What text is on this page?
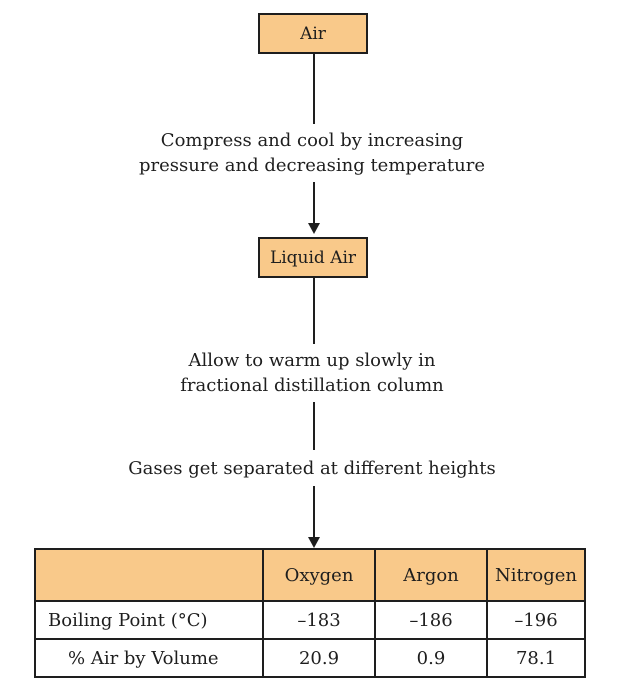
Air
Compress and cool by increasing
pressure and decreasing temperature
Liquid Air
Allow to warm up slowly in
fractional distillation column
Gases get separated at different heights
	Oxygen	Argon	Nitrogen
Boiling Point (°C)	–183	–186	–196
% Air by Volume	20.9	0.9	78.1
